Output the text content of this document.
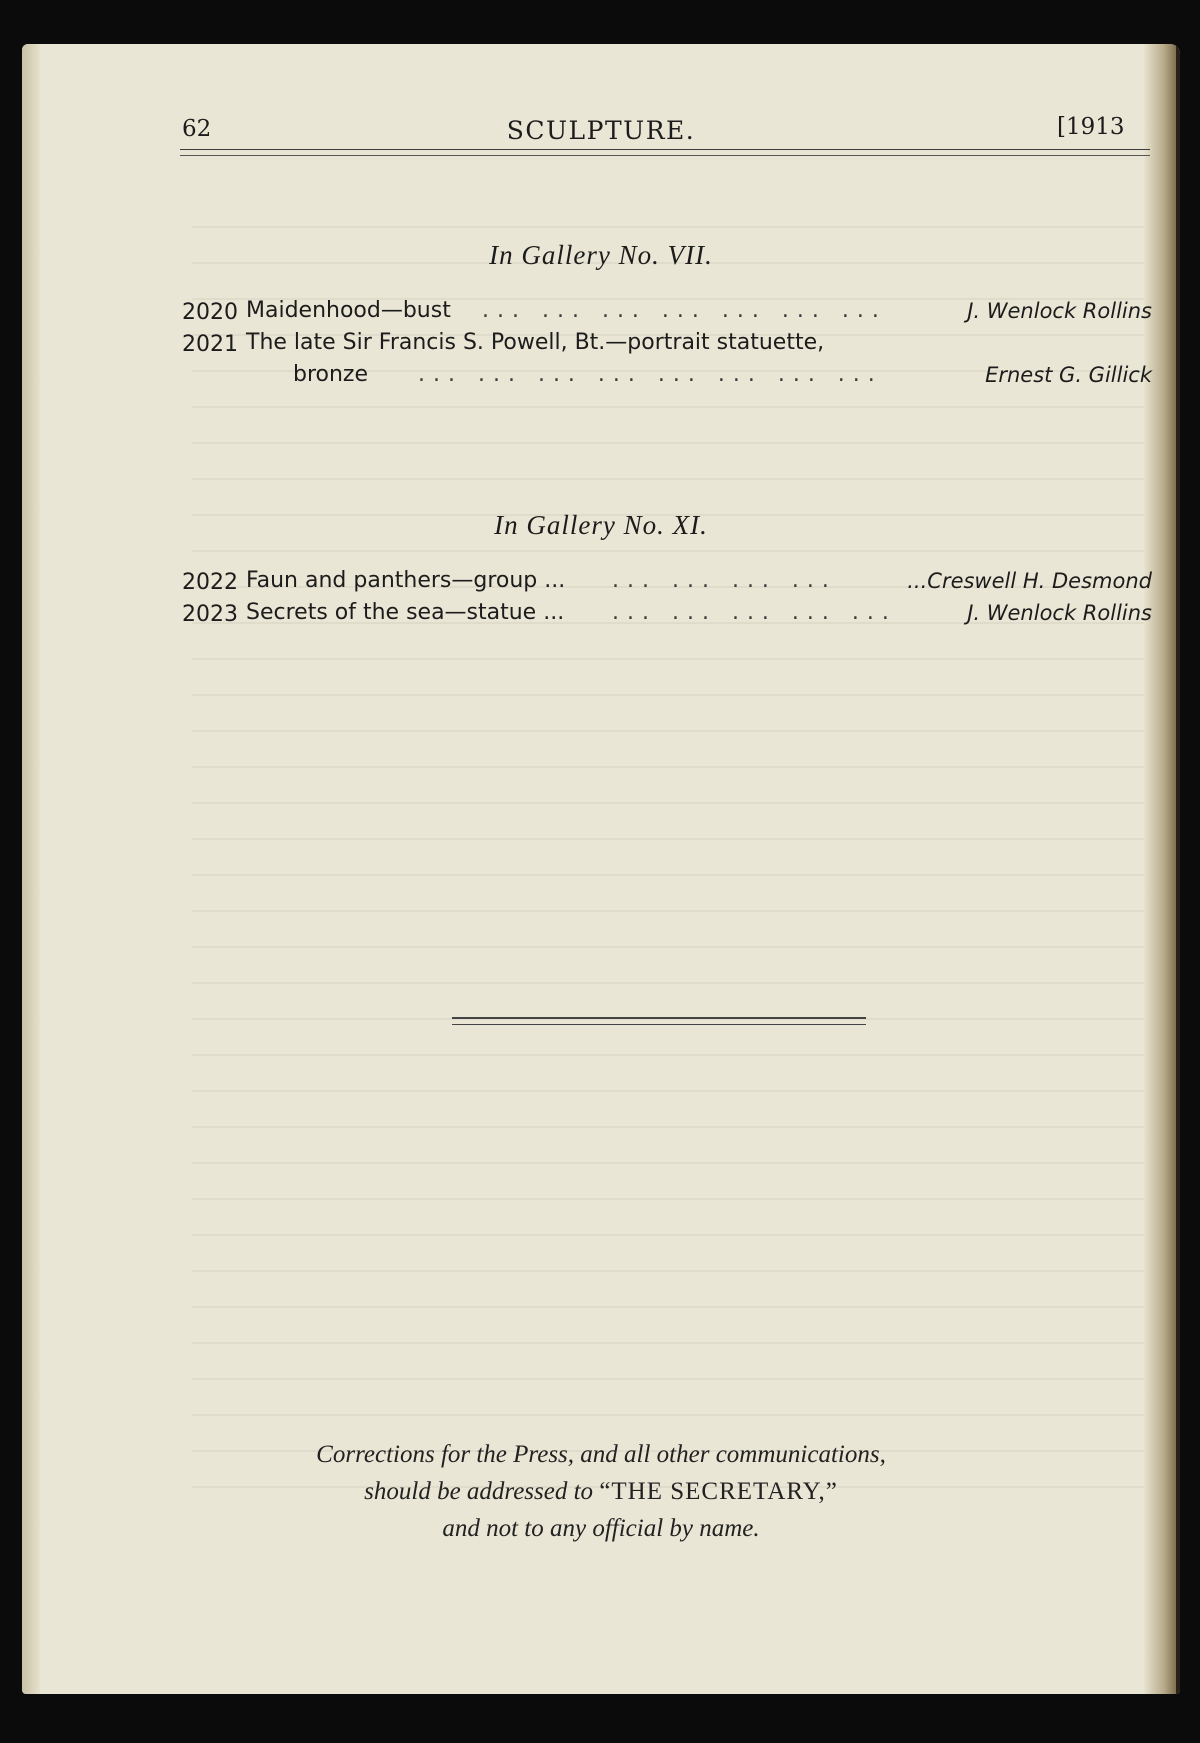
62	SCULPTURE.	[1913
In Gallery No. VII.
2020 Maidenhood—bust ... ... ... ... ... ... ...	J. Wenlock Rollins
2021 The late Sir Francis S. Powell, Bt.—portrait statuette,
bronze ... ... ... ... ... ... ... ...	Ernest G. Gillick
In Gallery No. XI.
2022 Faun and panthers—group ... ... ... ... ...	...Creswell H. Desmond
2023 Secrets of the sea—statue ... ... ... ... ... ...	J. Wenlock Rollins
Corrections for the Press, and all other communications,
should be addressed to “THE SECRETARY,”
and not to any official by name.
